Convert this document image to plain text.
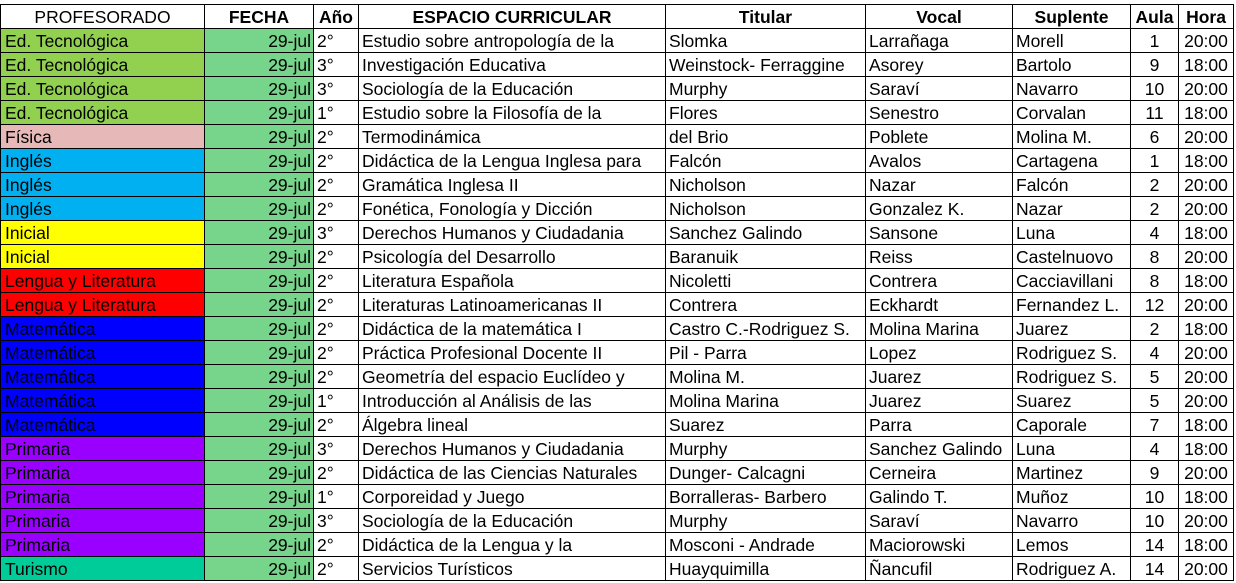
PROFESORADO	FECHA	Año	ESPACIO CURRICULAR	Titular	Vocal	Suplente	Aula	Hora
Ed. Tecnológica	29-jul	2°	Estudio sobre antropología de la	Slomka	Larrañaga	Morell	1	20:00
Ed. Tecnológica	29-jul	3°	Investigación Educativa	Weinstock- Ferraggine	Asorey	Bartolo	9	18:00
Ed. Tecnológica	29-jul	3°	Sociología de la Educación	Murphy	Saraví	Navarro	10	20:00
Ed. Tecnológica	29-jul	1°	Estudio sobre la Filosofía de la	Flores	Senestro	Corvalan	11	18:00
Física	29-jul	2°	Termodinámica	del Brio	Poblete	Molina M.	6	20:00
Inglés	29-jul	2°	Didáctica de la Lengua Inglesa para	Falcón	Avalos	Cartagena	1	18:00
Inglés	29-jul	2°	Gramática Inglesa II	Nicholson	Nazar	Falcón	2	20:00
Inglés	29-jul	2°	Fonética, Fonología y Dicción	Nicholson	Gonzalez K.	Nazar	2	20:00
Inicial	29-jul	3°	Derechos Humanos y Ciudadania	Sanchez Galindo	Sansone	Luna	4	18:00
Inicial	29-jul	2°	Psicología del Desarrollo	Baranuik	Reiss	Castelnuovo	8	20:00
Lengua y Literatura	29-jul	2°	Literatura Española	Nicoletti	Contrera	Cacciavillani	8	18:00
Lengua y Literatura	29-jul	2°	Literaturas Latinoamericanas II	Contrera	Eckhardt	Fernandez L.	12	20:00
Matemática	29-jul	2°	Didáctica de la matemática I	Castro C.-Rodriguez S.	Molina Marina	Juarez	2	18:00
Matemática	29-jul	2°	Práctica Profesional Docente II	Pil - Parra	Lopez	Rodriguez S.	4	20:00
Matemática	29-jul	2°	Geometría del espacio Euclídeo y	Molina M.	Juarez	Rodriguez S.	5	20:00
Matemática	29-jul	1°	Introducción al Análisis de las	Molina Marina	Juarez	Suarez	5	20:00
Matemática	29-jul	2°	Álgebra lineal	Suarez	Parra	Caporale	7	18:00
Primaria	29-jul	3°	Derechos Humanos y Ciudadania	Murphy	Sanchez Galindo	Luna	4	18:00
Primaria	29-jul	2°	Didáctica de las Ciencias Naturales	Dunger- Calcagni	Cerneira	Martinez	9	20:00
Primaria	29-jul	1°	Corporeidad y Juego	Borralleras- Barbero	Galindo T.	Muñoz	10	18:00
Primaria	29-jul	3°	Sociología de la Educación	Murphy	Saraví	Navarro	10	20:00
Primaria	29-jul	2°	Didáctica de la Lengua y la	Mosconi - Andrade	Maciorowski	Lemos	14	18:00
Turismo	29-jul	2°	Servicios Turísticos	Huayquimilla	Ñancufil	Rodriguez A.	14	20:00
